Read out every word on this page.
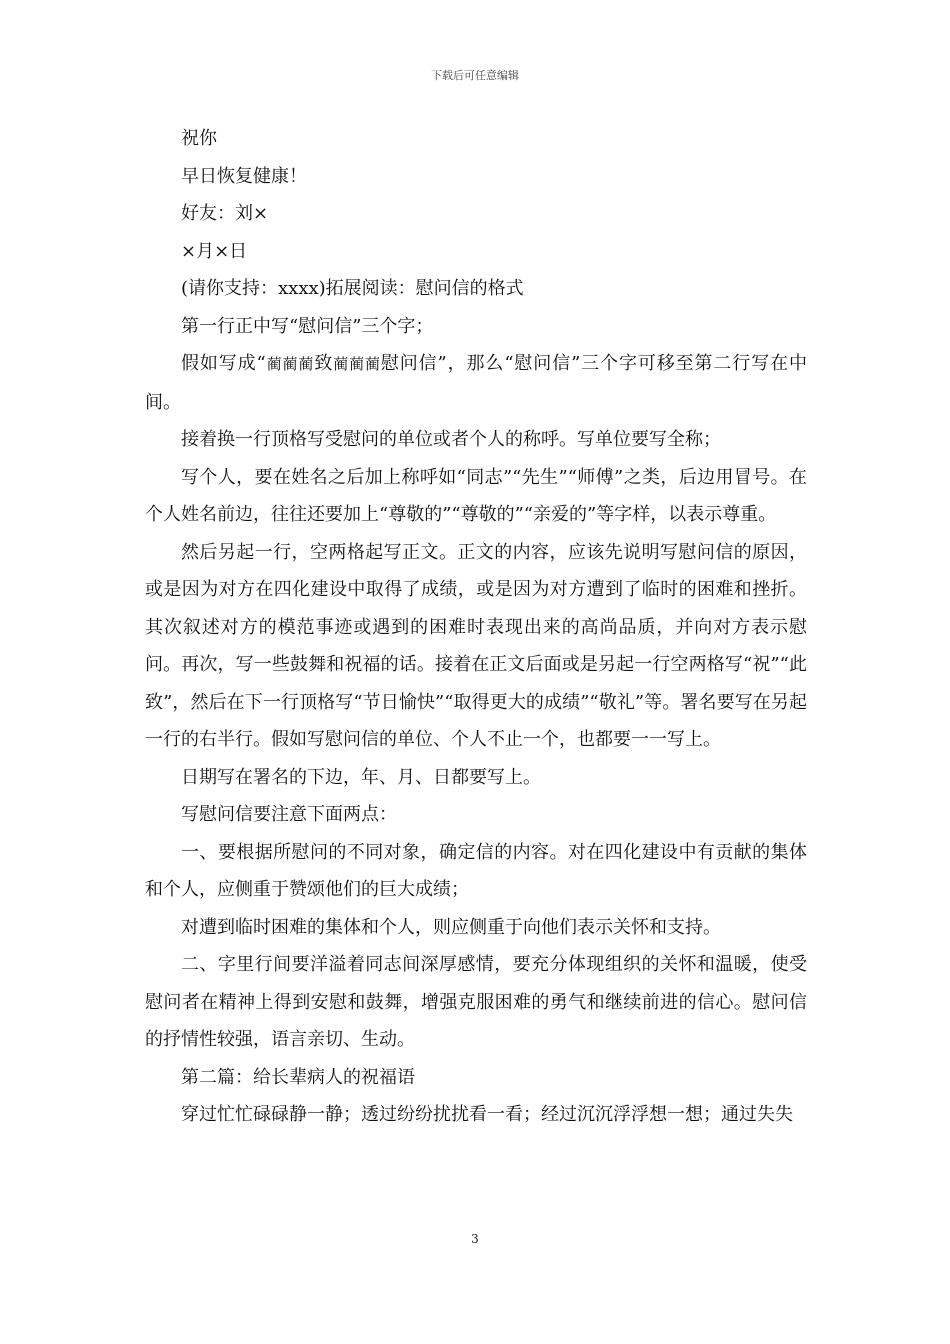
下载后可任意编辑

祝你

早日恢复健康！

好友：刘×

×月×日

(请你支持：xxxx)拓展阅读：慰问信的格式

第一行正中写“慰问信”三个字；

假如写成“蔺蔺蔺致蔺蔺蔺慰问信”，那么“慰问信”三个字可移至第二行写在中间。

接着换一行顶格写受慰问的单位或者个人的称呼。写单位要写全称；

写个人，要在姓名之后加上称呼如“同志”“先生”“师傅”之类，后边用冒号。在个人姓名前边，往往还要加上“尊敬的”“尊敬的”“亲爱的”等字样，以表示尊重。

然后另起一行，空两格起写正文。正文的内容，应该先说明写慰问信的原因，或是因为对方在四化建设中取得了成绩，或是因为对方遭到了临时的困难和挫折。其次叙述对方的模范事迹或遇到的困难时表现出来的高尚品质，并向对方表示慰问。再次，写一些鼓舞和祝福的话。接着在正文后面或是另起一行空两格写“祝”“此致”，然后在下一行顶格写“节日愉快”“取得更大的成绩”“敬礼”等。署名要写在另起一行的右半行。假如写慰问信的单位、个人不止一个，也都要一一写上。

日期写在署名的下边，年、月、日都要写上。

写慰问信要注意下面两点：

一、要根据所慰问的不同对象，确定信的内容。对在四化建设中有贡献的集体和个人，应侧重于赞颂他们的巨大成绩；

对遭到临时困难的集体和个人，则应侧重于向他们表示关怀和支持。

二、字里行间要洋溢着同志间深厚感情，要充分体现组织的关怀和温暖，使受慰问者在精神上得到安慰和鼓舞，增强克服困难的勇气和继续前进的信心。慰问信的抒情性较强，语言亲切、生动。

第二篇：给长辈病人的祝福语

穿过忙忙碌碌静一静；透过纷纷扰扰看一看；经过沉沉浮浮想一想；通过失失

3
